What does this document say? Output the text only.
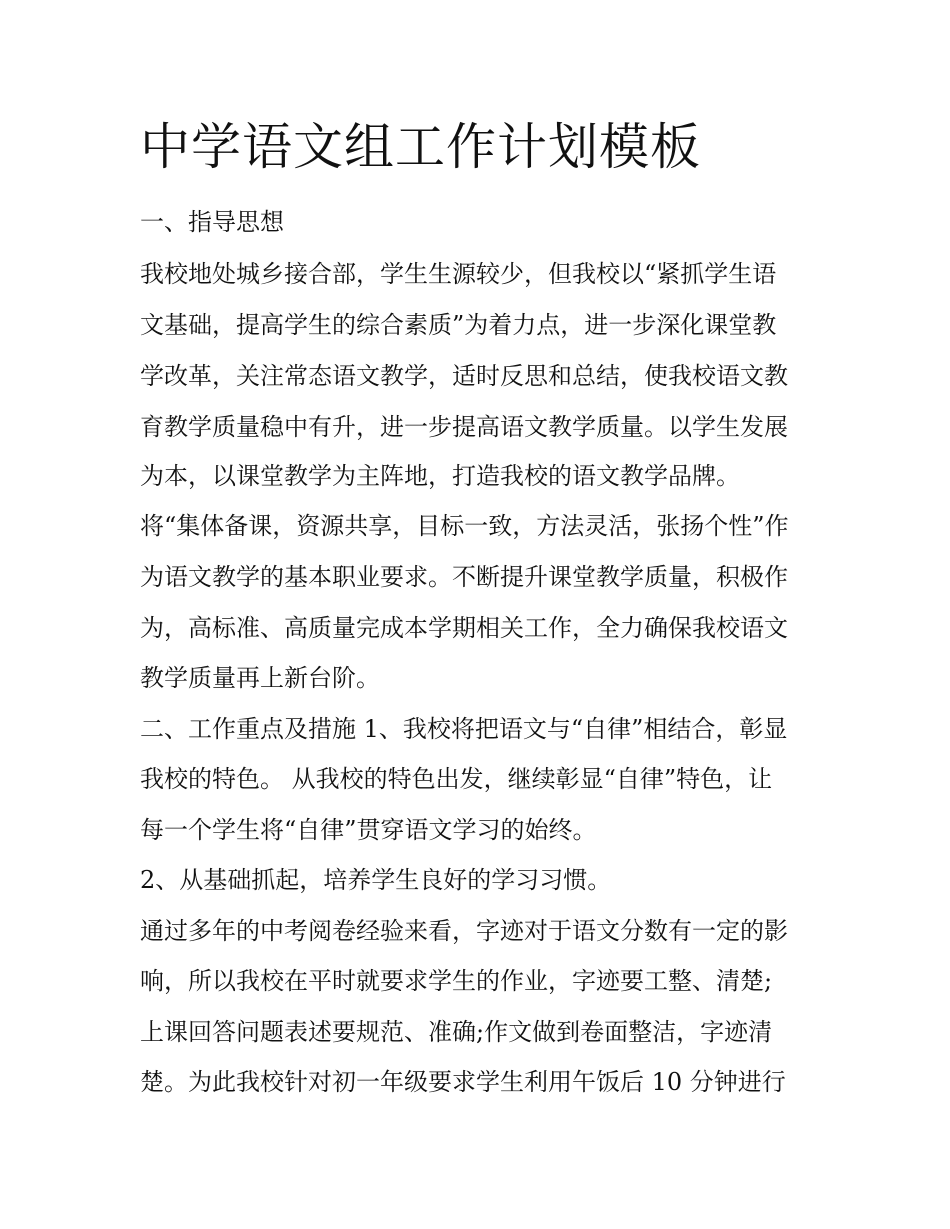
中学语文组工作计划模板

一、指导思想

我校地处城乡接合部，学生生源较少，但我校以“紧抓学生语

文基础，提高学生的综合素质”为着力点，进一步深化课堂教

学改革，关注常态语文教学，适时反思和总结，使我校语文教

育教学质量稳中有升，进一步提高语文教学质量。以学生发展

为本，以课堂教学为主阵地，打造我校的语文教学品牌。

将“集体备课，资源共享，目标一致，方法灵活，张扬个性”作

为语文教学的基本职业要求。不断提升课堂教学质量，积极作

为，高标准、高质量完成本学期相关工作，全力确保我校语文

教学质量再上新台阶。

二、工作重点及措施 1、我校将把语文与“自律”相结合，彰显

我校的特色。 从我校的特色出发，继续彰显“自律”特色，让

每一个学生将“自律”贯穿语文学习的始终。

2、从基础抓起，培养学生良好的学习习惯。

通过多年的中考阅卷经验来看，字迹对于语文分数有一定的影

响，所以我校在平时就要求学生的作业，字迹要工整、清楚;

上课回答问题表述要规范、准确;作文做到卷面整洁，字迹清

楚。为此我校针对初一年级要求学生利用午饭后 10 分钟进行
